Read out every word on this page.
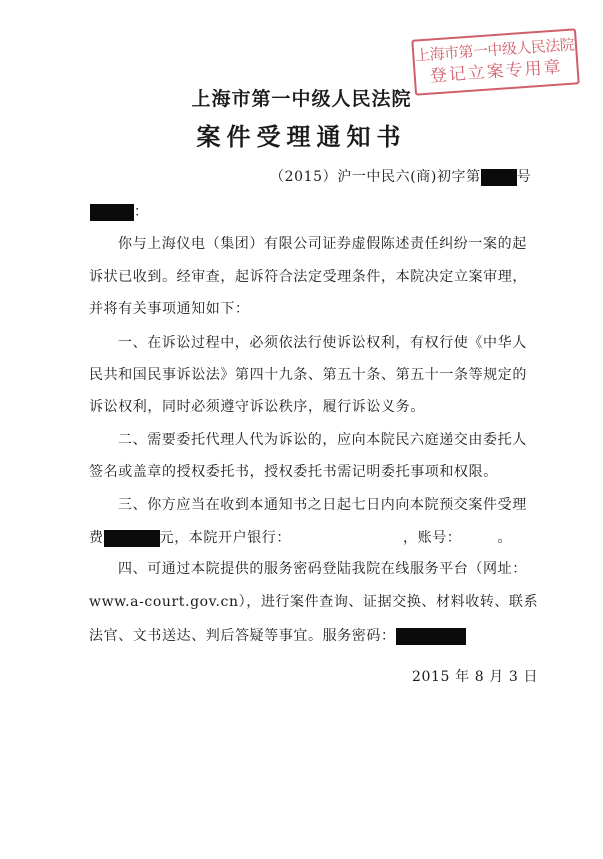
上海市第一中级人民法院
登记立案专用章
上海市第一中级人民法院
案件受理通知书
（2015）沪一中民六(商)初字第	号
：
你与上海仪电（集团）有限公司证券虚假陈述责任纠纷一案的起
诉状已收到。经审查，起诉符合法定受理条件，本院决定立案审理，
并将有关事项通知如下：
一、在诉讼过程中，必须依法行使诉讼权利，有权行使《中华人
民共和国民事诉讼法》第四十九条、第五十条、第五十一条等规定的
诉讼权利，同时必须遵守诉讼秩序，履行诉讼义务。
二、需要委托代理人代为诉讼的，应向本院民六庭递交由委托人
签名或盖章的授权委托书，授权委托书需记明委托事项和权限。
三、你方应当在收到本通知书之日起七日内向本院预交案件受理
费	元，本院开户银行：	，账号：	。
四、可通过本院提供的服务密码登陆我院在线服务平台（网址：
www.a-court.gov.cn），进行案件查询、证据交换、材料收转、联系
法官、文书送达、判后答疑等事宜。服务密码：
2015 年 8 月 3 日
